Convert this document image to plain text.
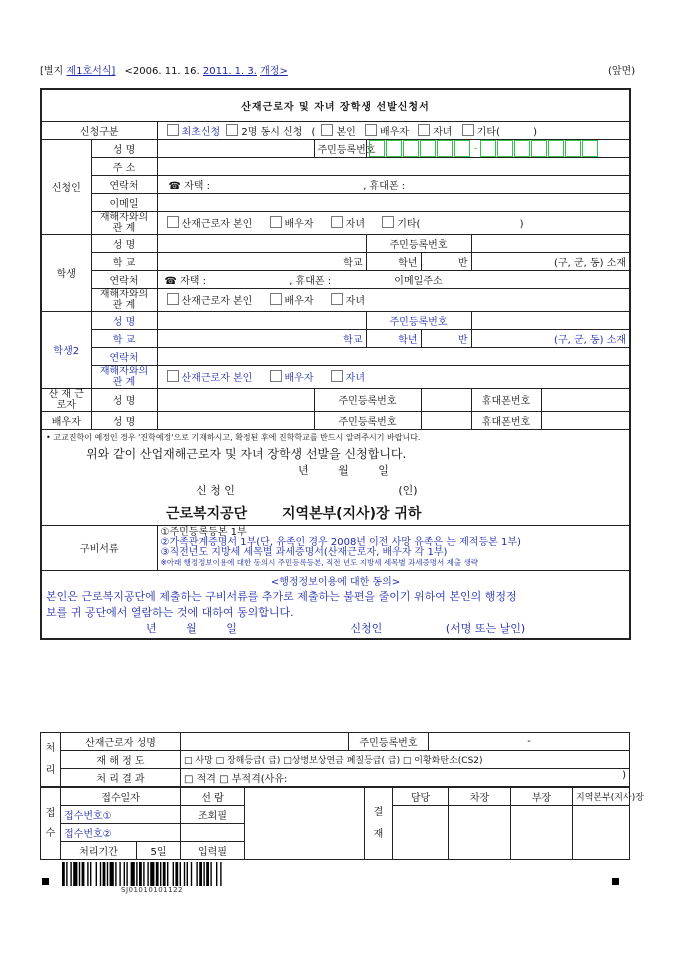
[별지 제1호서식] <2006. 11. 16. 2011. 1. 3. 개정>	(앞면)
산재근로자 및 자녀 장학생 선발신청서							
신청구분		최초신청 2명 동시 신청 ( 본인 배우자 자녀 기타( )					
신청인	성 명		주민등록번호	-			
	주 소						
	연락처	☎ 자택 : , 휴대폰 :					
	이메일						
	재해자와의 관 계	산재근로자 본인 배우자 자녀 기타( )					
학생	성 명			주민등록번호			
	학 교	학교		학년	반	(구, 군, 동) 소재	
	연락처	☎ 자택 : , 휴대폰 : 이메일주소					
	재해자와의 관 계	산재근로자 본인 배우자 자녀					
학생2	성 명			주민등록번호			
	학 교	학교		학년	반	(구, 군, 동) 소재	
	연락처						
	재해자와의 관 계	산재근로자 본인 배우자 자녀					
산 재 근로자	성 명		주민등록번호			휴대폰번호	
배우자	성 명		주민등록번호			휴대폰번호	

• 고교진학이 예정인 경우 '진학예정'으로 기재하시고, 확정된 후에 진학학교를 반드시 알려주시기 바랍니다.
위와 같이 산업재해근로자 및 자녀 장학생 선발을 신청합니다.
년 월 일
신 청 인 (인)
근로복지공단 지역본부(지사)장 귀하							

구비서류		①주민등록등본 1부
②가족관계증명서 1부(단, 유족인 경우 2008년 이전 사망 유족은 는 제적등본 1부)
③직전년도 지방세 세목별 과세증명서(산재근로자, 배우자 각 1부)
※아래 행정정보이용에 대한 동의시 주민등록등본, 직전 년도 지방세 세목별 과세증명서 제출 생략					

<행정정보이용에 대한 동의>
본인은 근로복지공단에 제출하는 구비서류를 추가로 제출하는 불편을 줄이기 위하여 본인의 행정정
보를 귀 공단에서 열람하는 것에 대하여 동의합니다.
년 월 일 신청인 (서명 또는 날인)							
처
리	산재근로자 성명		주민등록번호	-
	재 해 정 도	□ 사망 □ 장해등급( 급) □상병보상연금 폐질등급( 급) □ 이황화탄소(CS2)		
	처 리 결 과	□ 적격 □ 부적격(사유: )		
접
수	접수일자		선 람		결 재	담당	차장	부장	지역본부(지사)장
	접수번호①		조회필						
	접수번호②								
	처리기간	5일	입력필						
SJ01010101122
